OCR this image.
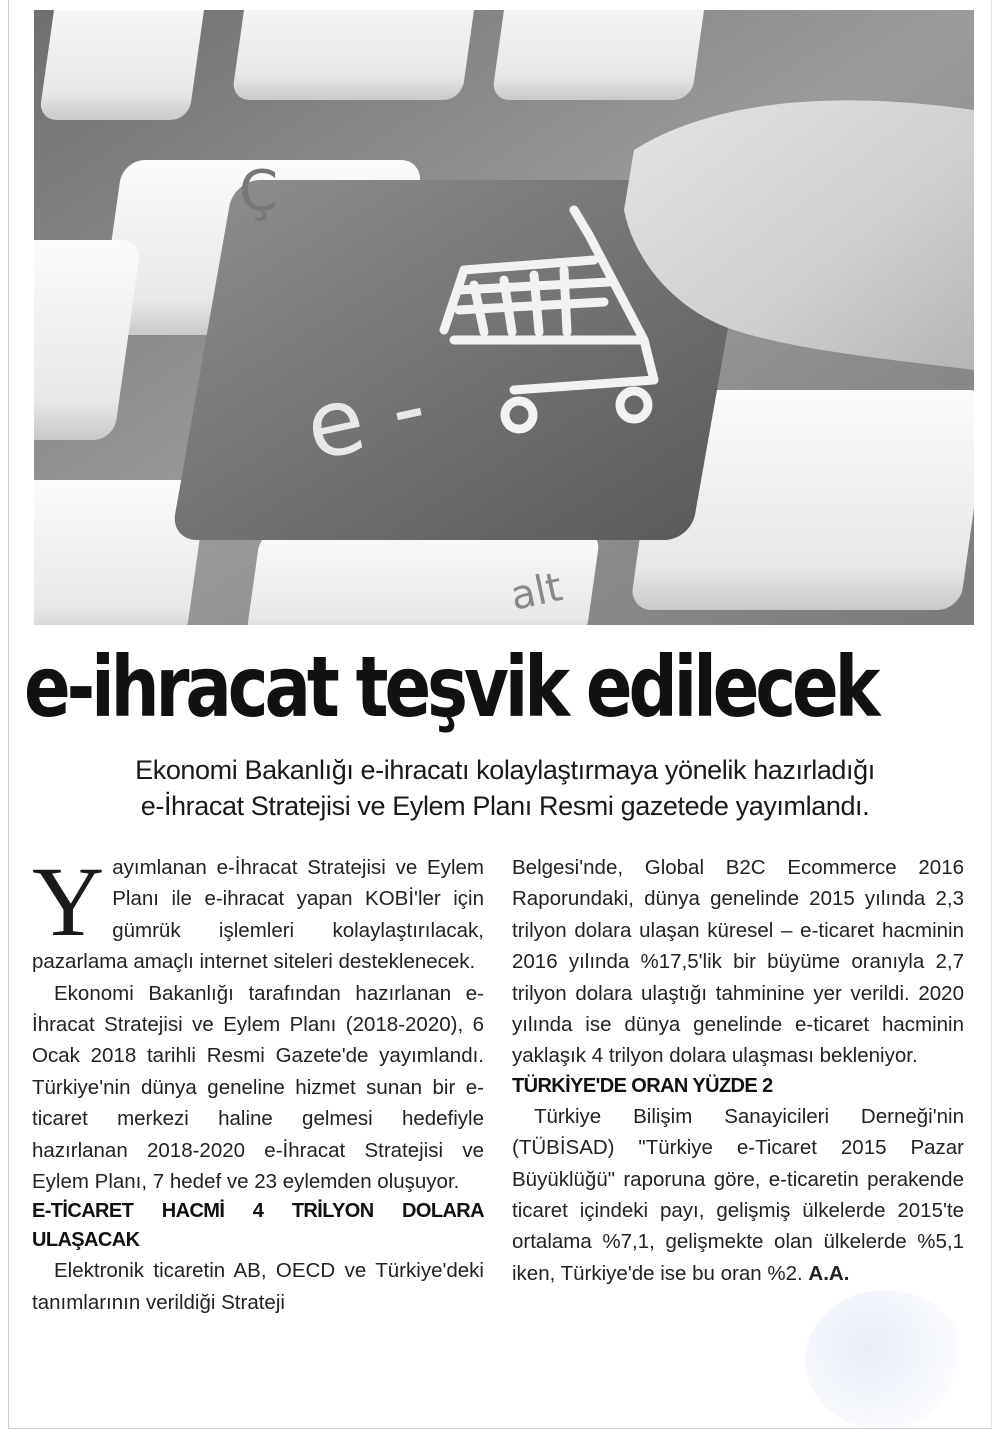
Ç
e -
alt
e-ihracat teşvik edilecek

Ekonomi Bakanlığı e-ihracatı kolaylaştırmaya yönelik hazırladığı

e-İhracat Stratejisi ve Eylem Planı Resmi gazetede yayımlandı.

Yayımlanan e-İhracat Stratejisi ve Eylem Planı ile e-ihracat yapan KOBİ'ler için gümrük işlemleri kolaylaştırılacak, pazarlama amaçlı internet siteleri desteklenecek.

Ekonomi Bakanlığı tarafından hazırlanan e-İhracat Stratejisi ve Eylem Planı (2018-2020), 6 Ocak 2018 tarihli Resmi Gazete'de yayımlandı. Türkiye'nin dünya geneline hizmet sunan bir e-ticaret merkezi haline gelmesi hedefiyle hazırlanan 2018-2020 e-İhracat Stratejisi ve Eylem Planı, 7 hedef ve 23 eylemden oluşuyor.

E-TİCARET HACMİ 4 TRİLYON DOLARA ULAŞACAK

Elektronik ticaretin AB, OECD ve Türkiye'deki tanımlarının verildiği Strateji

Belgesi'nde, Global B2C Ecommerce 2016 Raporundaki, dünya genelinde 2015 yılında 2,3 trilyon dolara ulaşan küresel – e-ticaret hacminin 2016 yılında %17,5'lik bir büyüme oranıyla 2,7 trilyon dolara ulaştığı tahminine yer verildi. 2020 yılında ise dünya genelinde e-ticaret hacminin yaklaşık 4 trilyon dolara ulaşması bekleniyor.

TÜRKİYE'DE ORAN YÜZDE 2

Türkiye Bilişim Sanayicileri Derneği'nin (TÜBİSAD) "Türkiye e-Ticaret 2015 Pazar Büyüklüğü" raporuna göre, e-ticaretin perakende ticaret içindeki payı, gelişmiş ülkelerde 2015'te ortalama %7,1, gelişmekte olan ülkelerde %5,1 iken, Türkiye'de ise bu oran %2. A.A.
